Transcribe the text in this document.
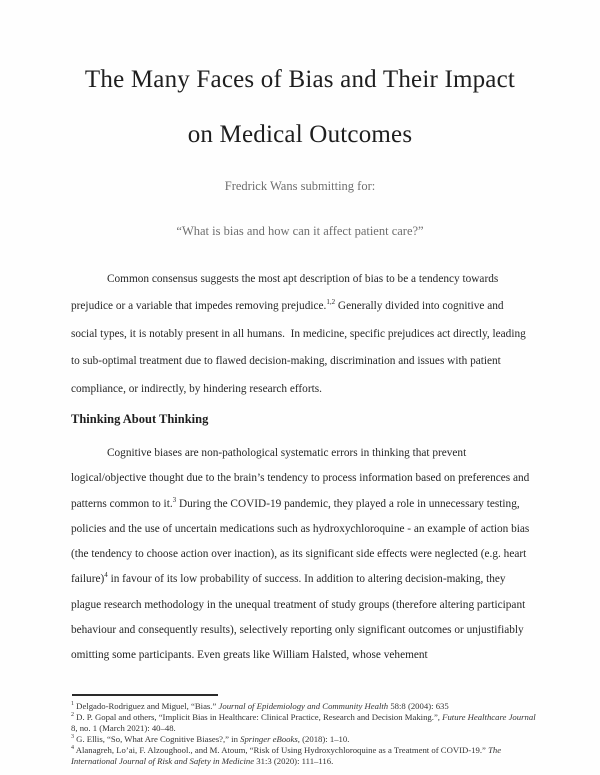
The Many Faces of Bias and Their Impact
on Medical Outcomes
Fredrick Wans submitting for:
“What is bias and how can it affect patient care?”

Common consensus suggests the most apt description of bias to be a tendency towards prejudice or a variable that impedes removing prejudice.$^{1,2}$ Generally divided into cognitive and social types, it is notably present in all humans.  In medicine, specific prejudices act directly, leading to sub-optimal treatment due to flawed decision-making, discrimination and issues with patient compliance, or indirectly, by hindering research efforts.

Thinking About Thinking

Cognitive biases are non-pathological systematic errors in thinking that prevent logical/objective thought due to the brain’s tendency to process information based on preferences and patterns common to it.$^3$ During the COVID-19 pandemic, they played a role in unnecessary testing, policies and the use of uncertain medications such as hydroxychloroquine - an example of action bias (the tendency to choose action over inaction), as its significant side effects were neglected (e.g. heart failure)$^4$ in favour of its low probability of success. In addition to altering decision-making, they plague research methodology in the unequal treatment of study groups (therefore altering participant behaviour and consequently results), selectively reporting only significant outcomes or unjustifiably omitting some participants. Even greats like William Halsted, whose vehement

$^1$ Delgado-Rodriguez and Miguel, “Bias.” Journal of Epidemiology and Community Health 58:8 (2004): 635
$^2$ D. P. Gopal and others, “Implicit Bias in Healthcare: Clinical Practice, Research and Decision Making.”, Future Healthcare Journal 8, no. 1 (March 2021): 40–48.
$^3$ G. Ellis, “So, What Are Cognitive Biases?,” in Springer eBooks, (2018): 1–10.
$^4$ Alanagreh, Lo’ai, F. Alzoughool., and M. Atoum, “Risk of Using Hydroxychloroquine as a Treatment of COVID-19.” The International Journal of Risk and Safety in Medicine 31:3 (2020): 111–116.
